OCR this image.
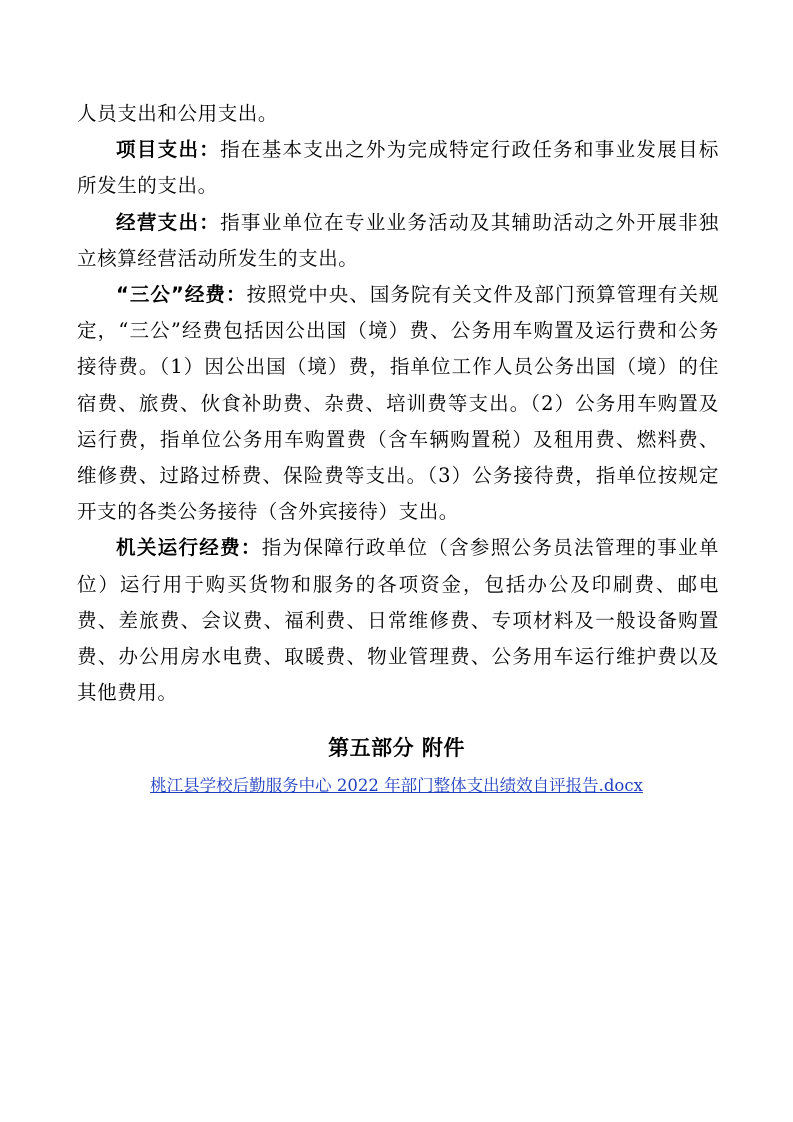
人员支出和公用支出。

项目支出：指在基本支出之外为完成特定行政任务和事业发展目标所发生的支出。

经营支出：指事业单位在专业业务活动及其辅助活动之外开展非独立核算经营活动所发生的支出。

“三公”经费：按照党中央、国务院有关文件及部门预算管理有关规定，“三公”经费包括因公出国（境）费、公务用车购置及运行费和公务接待费。（1）因公出国（境）费，指单位工作人员公务出国（境）的住宿费、旅费、伙食补助费、杂费、培训费等支出。（2）公务用车购置及运行费，指单位公务用车购置费（含车辆购置税）及租用费、燃料费、维修费、过路过桥费、保险费等支出。（3）公务接待费，指单位按规定开支的各类公务接待（含外宾接待）支出。

机关运行经费：指为保障行政单位（含参照公务员法管理的事业单位）运行用于购买货物和服务的各项资金，包括办公及印刷费、邮电费、差旅费、会议费、福利费、日常维修费、专项材料及一般设备购置费、办公用房水电费、取暖费、物业管理费、公务用车运行维护费以及其他费用。

第五部分 附件
桃江县学校后勤服务中心 2022 年部门整体支出绩效自评报告.docx
